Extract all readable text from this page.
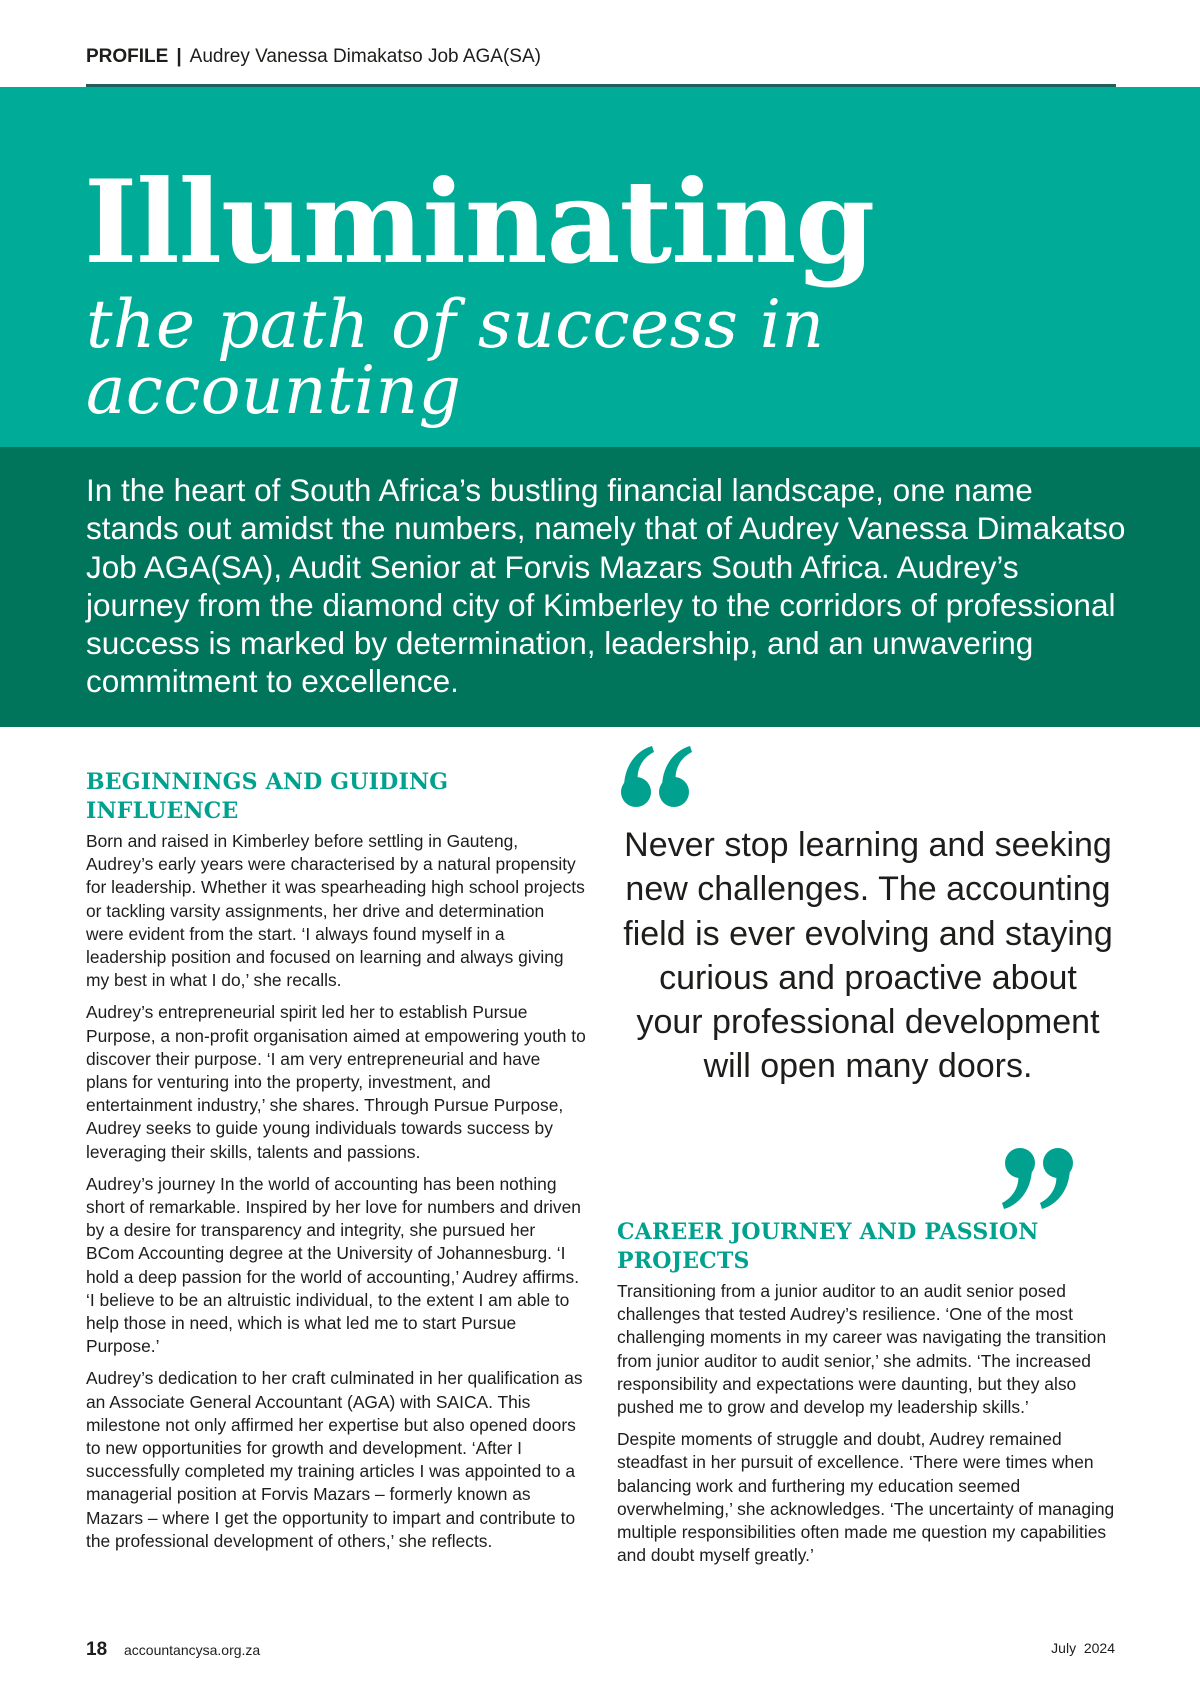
PROFILE | Audrey Vanessa Dimakatso Job AGA(SA)
Illuminating
the path of success in accounting

In the heart of South Africa’s bustling financial landscape, one name stands out amidst the numbers, namely that of Audrey Vanessa Dimakatso Job AGA(SA), Audit Senior at Forvis Mazars South Africa. Audrey’s journey from the diamond city of Kimberley to the corridors of professional success is marked by determination, leadership, and an unwavering commitment to excellence.

BEGINNINGS AND GUIDING INFLUENCE

Born and raised in Kimberley before settling in Gauteng, Audrey’s early years were characterised by a natural propensity for leadership. Whether it was spearheading high school projects or tackling varsity assignments, her drive and determination were evident from the start. ‘I always found myself in a leadership position and focused on learning and always giving my best in what I do,’ she recalls.

Audrey’s entrepreneurial spirit led her to establish Pursue Purpose, a non-profit organisation aimed at empowering youth to discover their purpose. ‘I am very entrepreneurial and have plans for venturing into the property, investment, and entertainment industry,’ she shares. Through Pursue Purpose, Audrey seeks to guide young individuals towards success by leveraging their skills, talents and passions.

Audrey’s journey In the world of accounting has been nothing short of remarkable. Inspired by her love for numbers and driven by a desire for transparency and integrity, she pursued her BCom Accounting degree at the University of Johannesburg. ‘I hold a deep passion for the world of accounting,’ Audrey affirms. ‘I believe to be an altruistic individual, to the extent I am able to help those in need, which is what led me to start Pursue Purpose.’

Audrey’s dedication to her craft culminated in her qualification as an Associate General Accountant (AGA) with SAICA. This milestone not only affirmed her expertise but also opened doors to new opportunities for growth and development. ‘After I successfully completed my training articles I was appointed to a managerial position at Forvis Mazars – formerly known as Mazars – where I get the opportunity to impart and contribute to the professional development of others,’ she reflects.

Never stop learning and seeking new challenges. The accounting field is ever evolving and staying curious and proactive about your professional development will open many doors.

CAREER JOURNEY AND PASSION PROJECTS

Transitioning from a junior auditor to an audit senior posed challenges that tested Audrey’s resilience. ‘One of the most challenging moments in my career was navigating the transition from junior auditor to audit senior,’ she admits. ‘The increased responsibility and expectations were daunting, but they also pushed me to grow and develop my leadership skills.’

Despite moments of struggle and doubt, Audrey remained steadfast in her pursuit of excellence. ‘There were times when balancing work and furthering my education seemed overwhelming,’ she acknowledges. ‘The uncertainty of managing multiple responsibilities often made me question my capabilities and doubt myself greatly.’

18 accountancysa.org.za	July  2024
